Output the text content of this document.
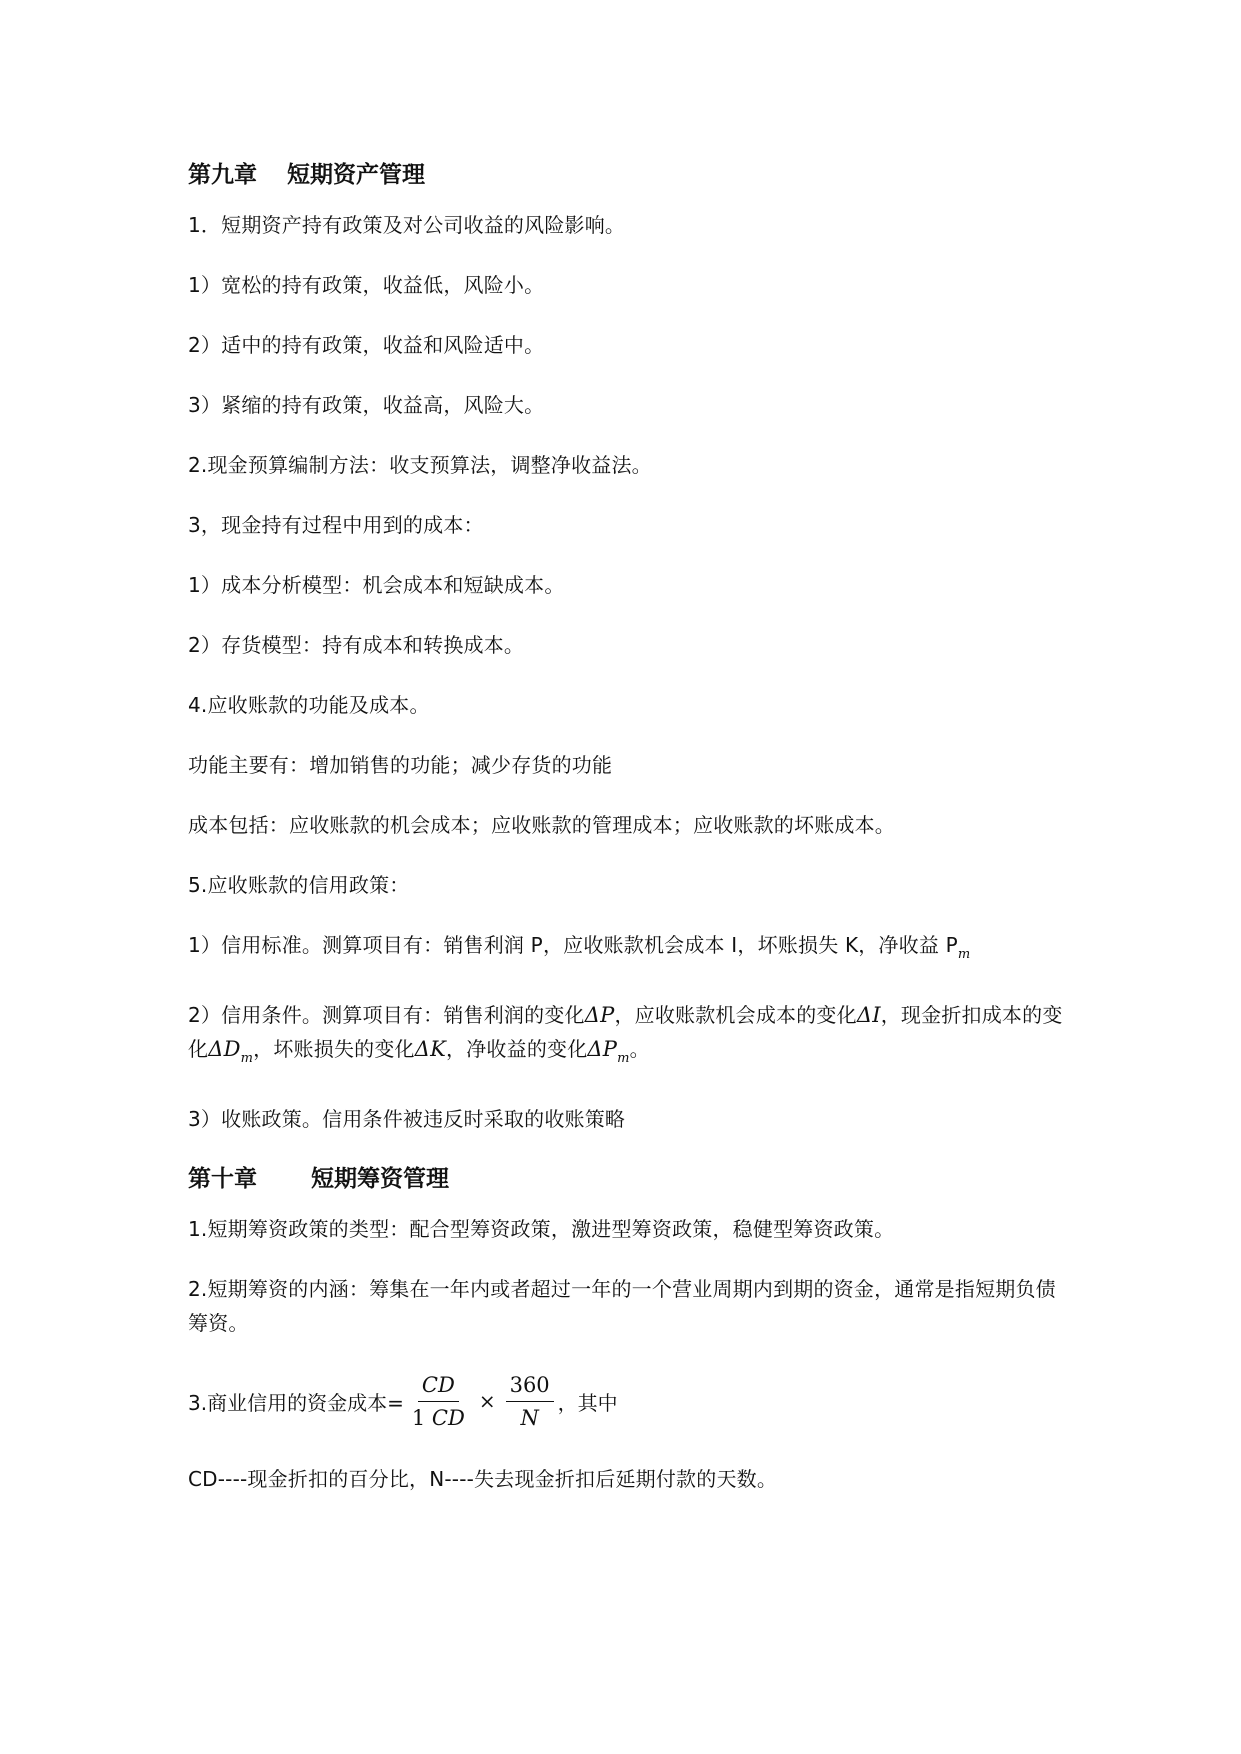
第九章 短期资产管理
1．短期资产持有政策及对公司收益的风险影响。
1）宽松的持有政策，收益低，风险小。
2）适中的持有政策，收益和风险适中。
3）紧缩的持有政策，收益高，风险大。
2.现金预算编制方法：收支预算法，调整净收益法。
3，现金持有过程中用到的成本：
1）成本分析模型：机会成本和短缺成本。
2）存货模型：持有成本和转换成本。
4.应收账款的功能及成本。
功能主要有：增加销售的功能；减少存货的功能
成本包括：应收账款的机会成本；应收账款的管理成本；应收账款的坏账成本。
5.应收账款的信用政策：
1）信用标准。测算项目有：销售利润 P，应收账款机会成本 I，坏账损失 K，净收益 $P_m$
2）信用条件。测算项目有：销售利润的变化ΔP，应收账款机会成本的变化ΔI，现金折扣成本的变化$\Delta D_m$，坏账损失的变化ΔK，净收益的变化$\Delta P_m$。
3）收账政策。信用条件被违反时采取的收账策略
第十章 短期筹资管理
1.短期筹资政策的类型：配合型筹资政策，激进型筹资政策，稳健型筹资政策。
2.短期筹资的内涵：筹集在一年内或者超过一年的一个营业周期内到期的资金，通常是指短期负债筹资。
3.商业信用的资金成本= $\frac{CD}{1 CD} \times \frac{360}{N}$ ，其中
CD----现金折扣的百分比，N----失去现金折扣后延期付款的天数。
